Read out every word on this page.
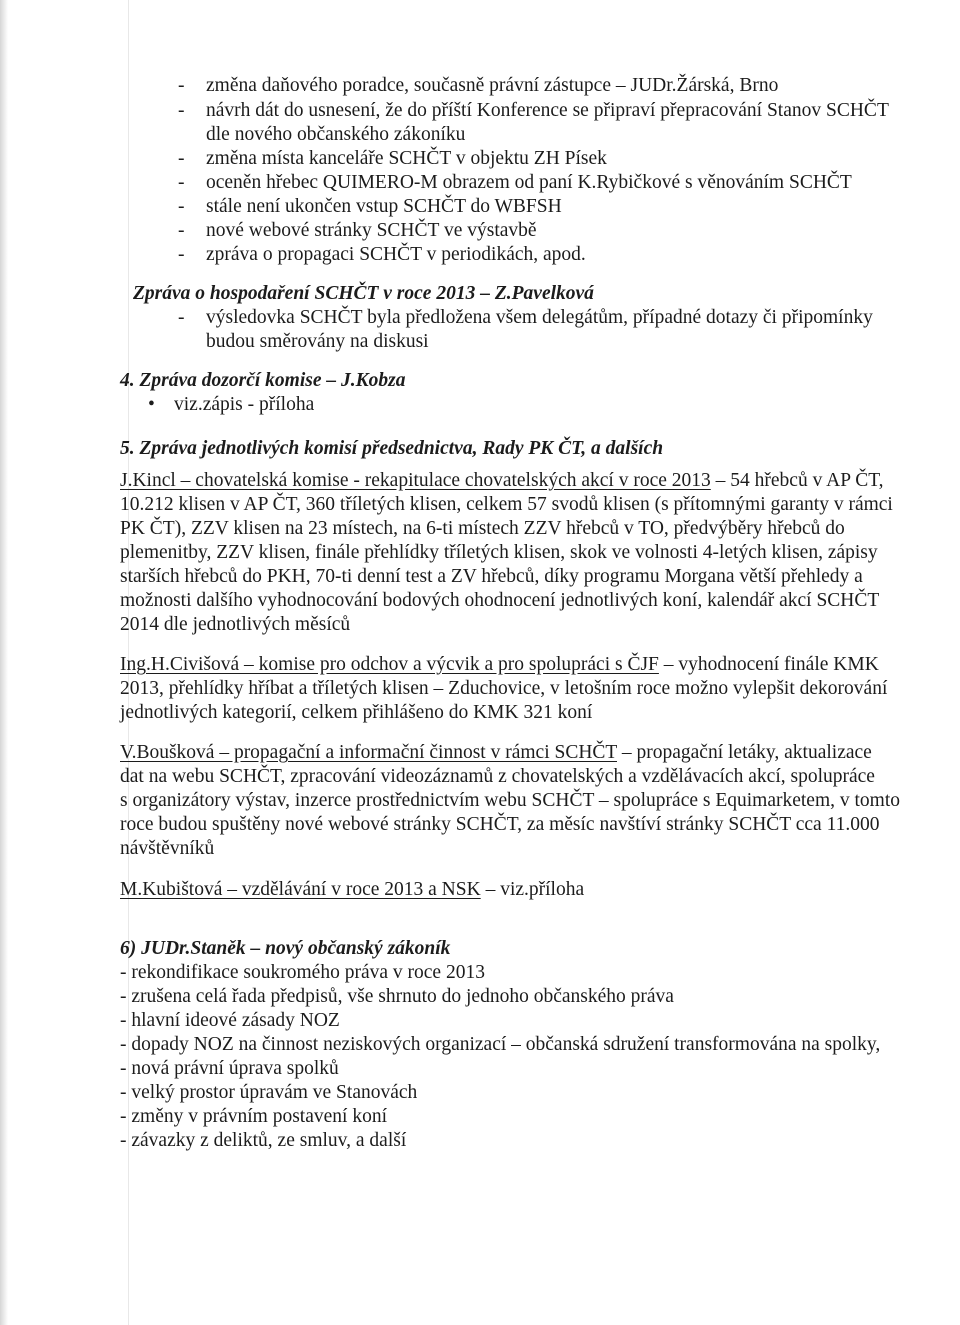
- změna daňového poradce, současně právní zástupce – JUDr.Žárská, Brno
- návrh dát do usnesení, že do příští Konference se připraví přepracování Stanov SCHČT
dle nového občanského zákoníku
- změna místa kanceláře SCHČT v objektu ZH Písek
- oceněn hřebec QUIMERO-M obrazem od paní K.Rybičkové s věnováním SCHČT
- stále není ukončen vstup SCHČT do WBFSH
- nové webové stránky SCHČT ve výstavbě
- zpráva o propagaci SCHČT v periodikách, apod.
Zpráva o hospodaření SCHČT v roce 2013 – Z.Pavelková
- výsledovka SCHČT byla předložena všem delegátům, případné dotazy či připomínky
budou směrovány na diskusi
4. Zpráva dozorčí komise – J.Kobza
• viz.zápis - příloha
5. Zpráva jednotlivých komisí předsednictva, Rady PK ČT, a dalších
J.Kincl – chovatelská komise - rekapitulace chovatelských akcí v roce 2013 – 54 hřebců v AP ČT,
10.212 klisen v AP ČT, 360 tříletých klisen, celkem 57 svodů klisen (s přítomnými garanty v rámci
PK ČT), ZZV klisen na 23 místech, na 6-ti místech ZZV hřebců v TO, předvýběry hřebců do
plemenitby, ZZV klisen, finále přehlídky tříletých klisen, skok ve volnosti 4-letých klisen, zápisy
starších hřebců do PKH, 70-ti denní test a ZV hřebců, díky programu Morgana větší přehledy a
možnosti dalšího vyhodnocování bodových ohodnocení jednotlivých koní, kalendář akcí SCHČT
2014 dle jednotlivých měsíců
Ing.H.Civišová – komise pro odchov a výcvik a pro spolupráci s ČJF – vyhodnocení finále KMK
2013, přehlídky hříbat a tříletých klisen – Zduchovice, v letošním roce možno vylepšit dekorování
jednotlivých kategorií, celkem přihlášeno do KMK 321 koní
V.Boušková – propagační a informační činnost v rámci SCHČT – propagační letáky, aktualizace
dat na webu SCHČT, zpracování videozáznamů z chovatelských a vzdělávacích akcí, spolupráce
s organizátory výstav, inzerce prostřednictvím webu SCHČT – spolupráce s Equimarketem, v tomto
roce budou spuštěny nové webové stránky SCHČT, za měsíc navštíví stránky SCHČT cca 11.000
návštěvníků
M.Kubištová – vzdělávání v roce 2013 a NSK – viz.příloha
6) JUDr.Staněk – nový občanský zákoník
- rekondifikace soukromého práva v roce 2013
- zrušena celá řada předpisů, vše shrnuto do jednoho občanského práva
- hlavní ideové zásady NOZ
- dopady NOZ na činnost neziskových organizací – občanská sdružení transformována na spolky,
- nová právní úprava spolků
- velký prostor úpravám ve Stanovách
- změny v právním postavení koní
- závazky z deliktů, ze smluv, a další
